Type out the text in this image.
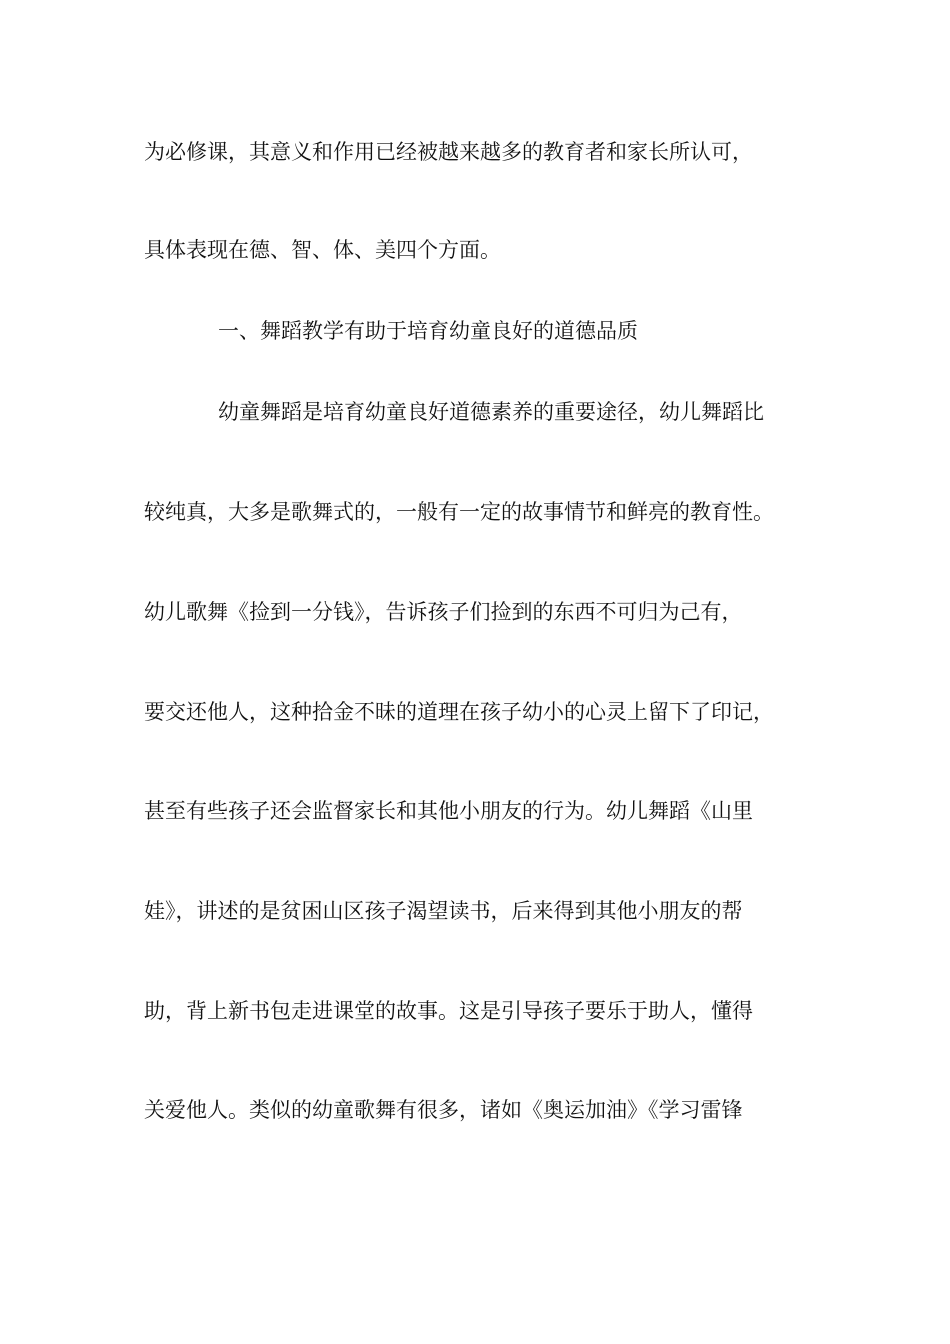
为必修课，其意义和作用已经被越来越多的教育者和家长所认可，
具体表现在德、智、体、美四个方面。
一、舞蹈教学有助于培育幼童良好的道德品质
幼童舞蹈是培育幼童良好道德素养的重要途径，幼儿舞蹈比
较纯真，大多是歌舞式的，一般有一定的故事情节和鲜亮的教育性。
幼儿歌舞《捡到一分钱》，告诉孩子们捡到的东西不可归为己有，
要交还他人，这种拾金不昧的道理在孩子幼小的心灵上留下了印记，
甚至有些孩子还会监督家长和其他小朋友的行为。幼儿舞蹈《山里
娃》，讲述的是贫困山区孩子渴望读书，后来得到其他小朋友的帮
助，背上新书包走进课堂的故事。这是引导孩子要乐于助人，懂得
关爱他人。类似的幼童歌舞有很多，诸如《奥运加油》《学习雷锋
